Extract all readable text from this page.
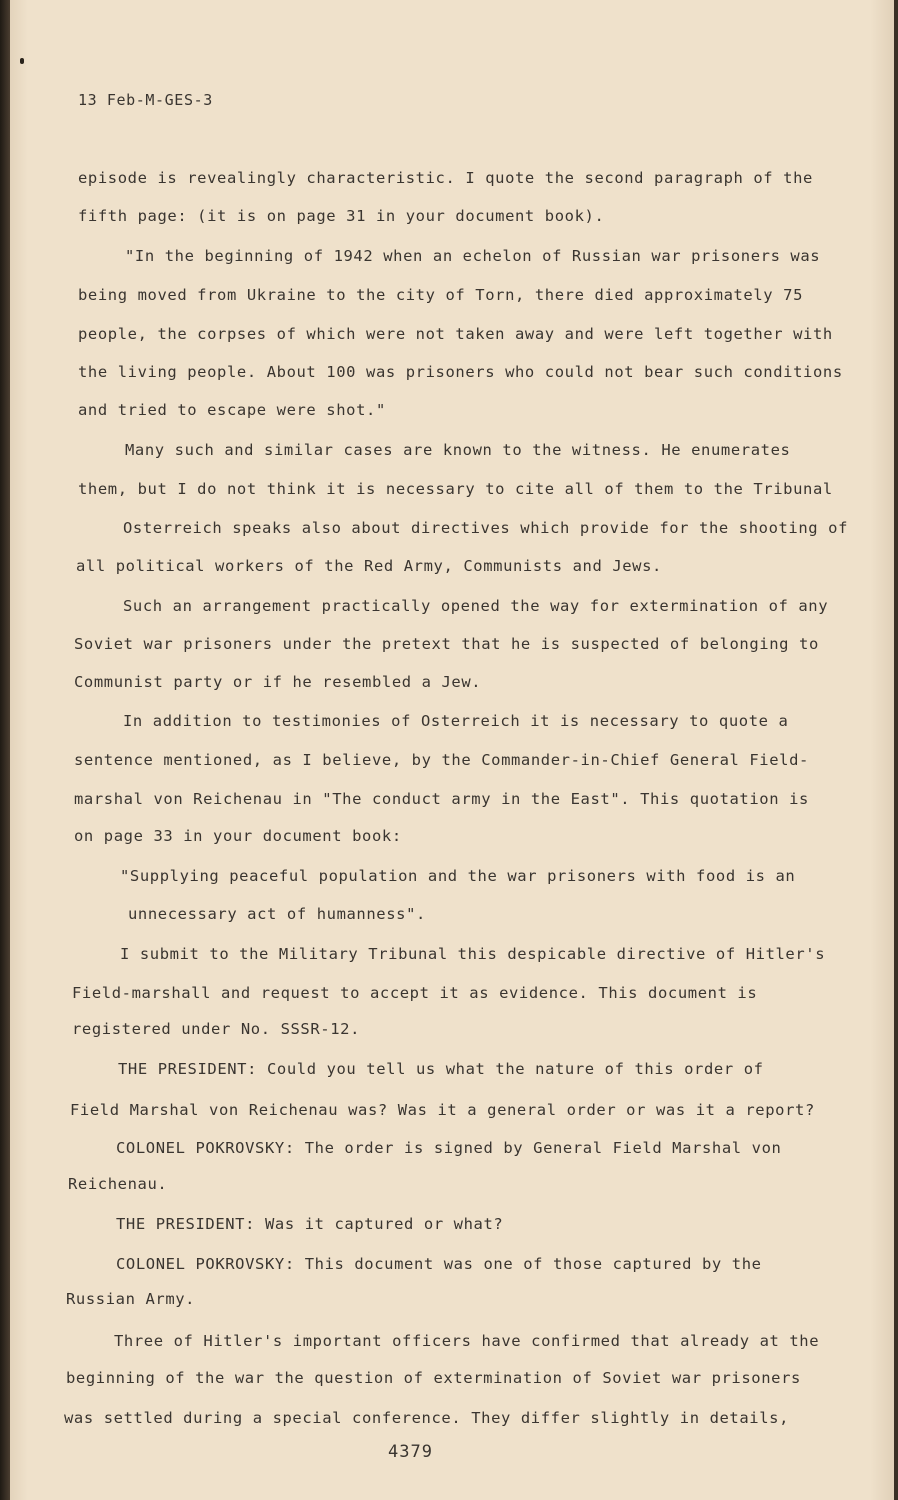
13 Feb-M-GES-3
episode is revealingly characteristic. I quote the second paragraph of the
fifth page: (it is on page 31 in your document book).
"In the beginning of 1942 when an echelon of Russian war prisoners was
being moved from Ukraine to the city of Torn, there died approximately 75
people, the corpses of which were not taken away and were left together with
the living people. About 100 was prisoners who could not bear such conditions
and tried to escape were shot."
Many such and similar cases are known to the witness. He enumerates
them, but I do not think it is necessary to cite all of them to the Tribunal
Osterreich speaks also about directives which provide for the shooting of
all political workers of the Red Army, Communists and Jews.
Such an arrangement practically opened the way for extermination of any
Soviet war prisoners under the pretext that he is suspected of belonging to
Communist party or if he resembled a Jew.
In addition to testimonies of Osterreich it is necessary to quote a
sentence mentioned, as I believe, by the Commander-in-Chief General Field-
marshal von Reichenau in "The conduct army in the East". This quotation is
on page 33 in your document book:
"Supplying peaceful population and the war prisoners with food is an
unnecessary act of humanness".
I submit to the Military Tribunal this despicable directive of Hitler's
Field-marshall and request to accept it as evidence. This document is
registered under No. SSSR-12.
THE PRESIDENT: Could you tell us what the nature of this order of
Field Marshal von Reichenau was? Was it a general order or was it a report?
COLONEL POKROVSKY: The order is signed by General Field Marshal von
Reichenau.
THE PRESIDENT: Was it captured or what?
COLONEL POKROVSKY: This document was one of those captured by the
Russian Army.
Three of Hitler's important officers have confirmed that already at the
beginning of the war the question of extermination of Soviet war prisoners
was settled during a special conference. They differ slightly in details,
4379
